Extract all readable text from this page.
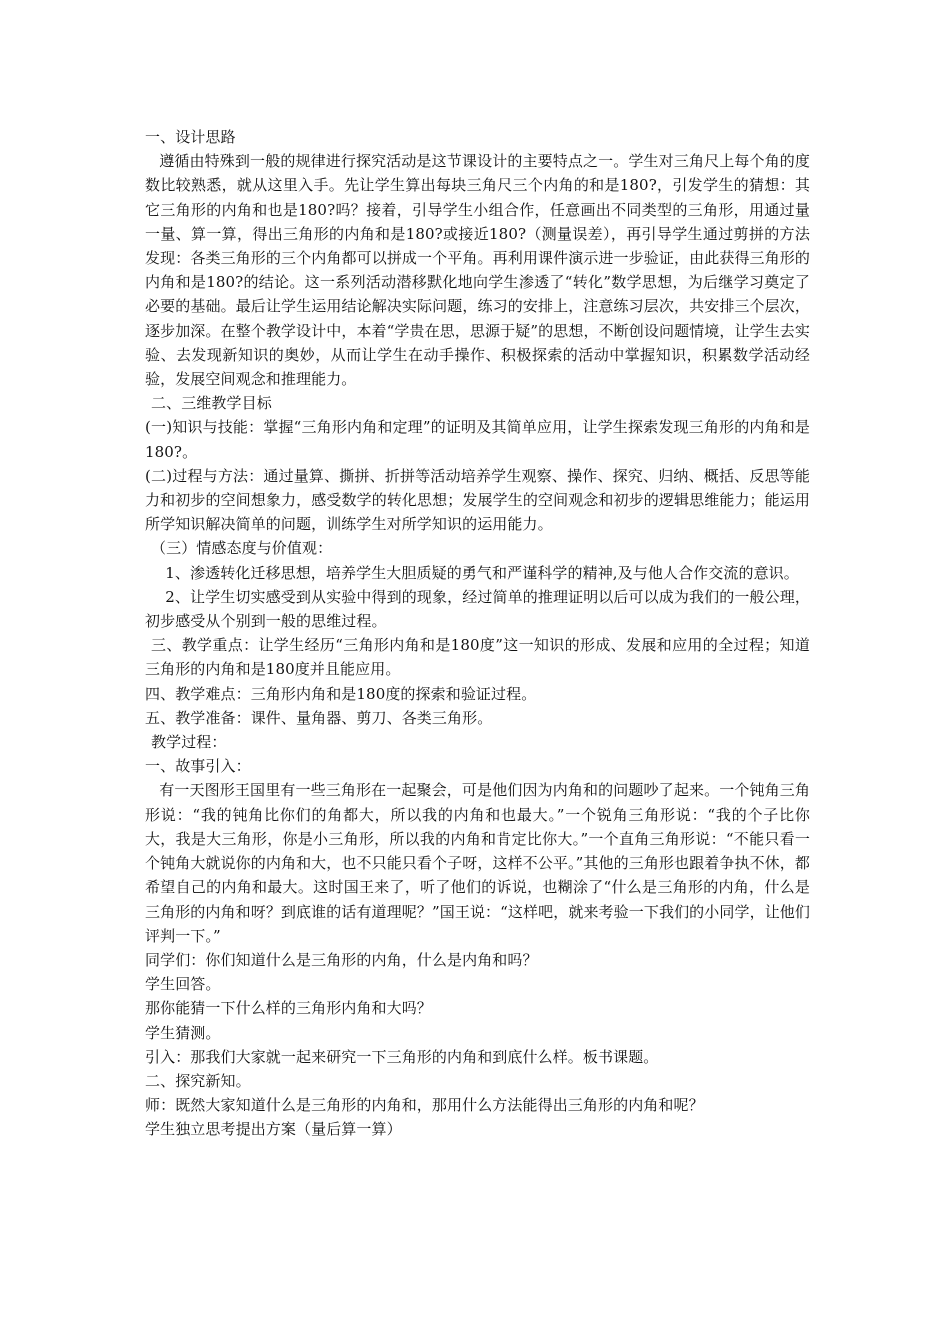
一、设计思路

遵循由特殊到一般的规律进行探究活动是这节课设计的主要特点之一。学生对三角尺上每个角的度数比较熟悉，就从这里入手。先让学生算出每块三角尺三个内角的和是180?，引发学生的猜想：其它三角形的内角和也是180?吗？接着，引导学生小组合作，任意画出不同类型的三角形，用通过量一量、算一算，得出三角形的内角和是180?或接近180?（测量误差），再引导学生通过剪拼的方法发现：各类三角形的三个内角都可以拼成一个平角。再利用课件演示进一步验证，由此获得三角形的内角和是180?的结论。这一系列活动潜移默化地向学生渗透了“转化”数学思想，为后继学习奠定了必要的基础。最后让学生运用结论解决实际问题，练习的安排上，注意练习层次，共安排三个层次，逐步加深。在整个教学设计中，本着“学贵在思，思源于疑”的思想，不断创设问题情境，让学生去实验、去发现新知识的奥妙，从而让学生在动手操作、积极探索的活动中掌握知识，积累数学活动经验，发展空间观念和推理能力。

二、三维教学目标

(一)知识与技能：掌握“三角形内角和定理”的证明及其简单应用，让学生探索发现三角形的内角和是180?。

(二)过程与方法：通过量算、撕拼、折拼等活动培养学生观察、操作、探究、归纳、概括、反思等能力和初步的空间想象力，感受数学的转化思想；发展学生的空间观念和初步的逻辑思维能力；能运用所学知识解决简单的问题，训练学生对所学知识的运用能力。

（三）情感态度与价值观：

1、渗透转化迁移思想，培养学生大胆质疑的勇气和严谨科学的精神,及与他人合作交流的意识。

2、让学生切实感受到从实验中得到的现象，经过简单的推理证明以后可以成为我们的一般公理，初步感受从个别到一般的思维过程。

三、教学重点：让学生经历“三角形内角和是180度”这一知识的形成、发展和应用的全过程；知道三角形的内角和是180度并且能应用。

四、教学难点：三角形内角和是180度的探索和验证过程。

五、教学准备：课件、量角器、剪刀、各类三角形。

教学过程：

一、故事引入：

有一天图形王国里有一些三角形在一起聚会，可是他们因为内角和的问题吵了起来。一个钝角三角形说：“我的钝角比你们的角都大，所以我的内角和也最大。”一个锐角三角形说：“我的个子比你大，我是大三角形，你是小三角形，所以我的内角和肯定比你大。”一个直角三角形说：“不能只看一个钝角大就说你的内角和大，也不只能只看个子呀，这样不公平。”其他的三角形也跟着争执不休，都希望自己的内角和最大。这时国王来了，听了他们的诉说，也糊涂了“什么是三角形的内角，什么是三角形的内角和呀？到底谁的话有道理呢？”国王说：“这样吧，就来考验一下我们的小同学，让他们评判一下。”

同学们：你们知道什么是三角形的内角，什么是内角和吗？

学生回答。

那你能猜一下什么样的三角形内角和大吗？

学生猜测。

引入：那我们大家就一起来研究一下三角形的内角和到底什么样。板书课题。

二、探究新知。

师：既然大家知道什么是三角形的内角和，那用什么方法能得出三角形的内角和呢？

学生独立思考提出方案（量后算一算）
